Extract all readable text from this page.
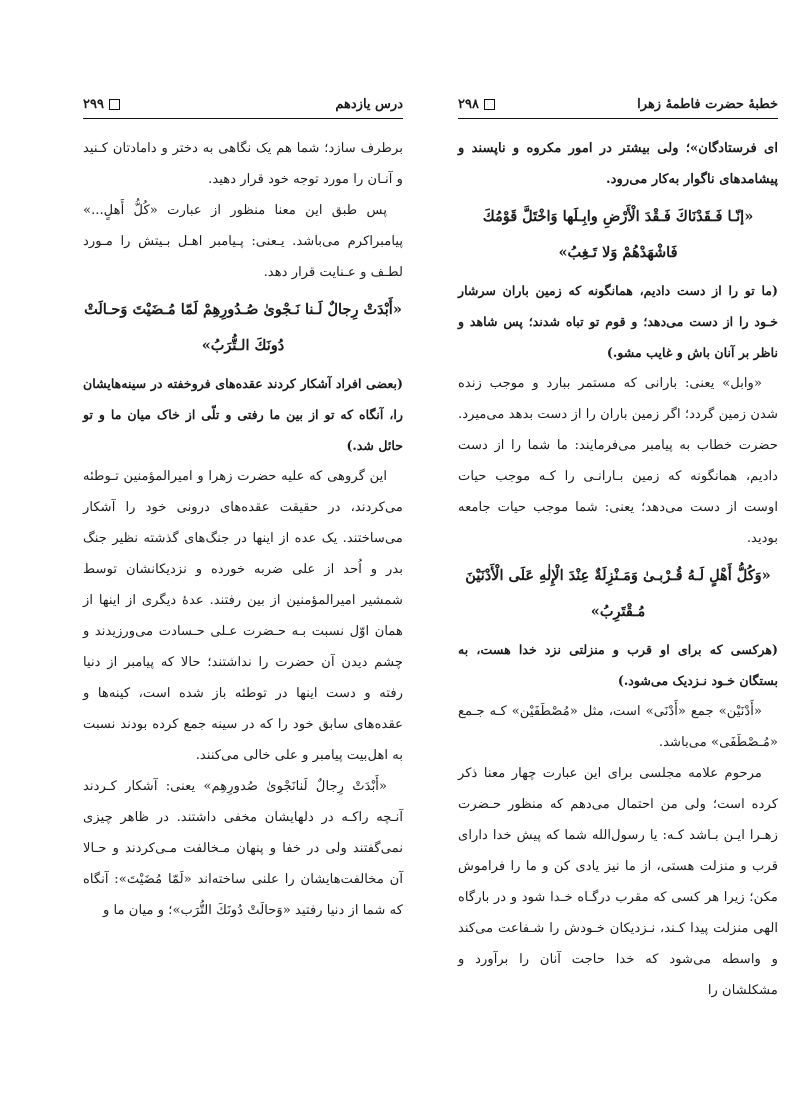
خطبهٔ حضرت فاطمهٔ زهرا
۲۹۸

ای فرستادگان»؛ ولی بیشتر در امور مکروه و ناپسند و پیشامدهای ناگوار به‌کار می‌رود.

«إنّـا فَـقَدْنَاكَ فَـقْدَ الْأَرْضِ وابِـلَها وَاخْتَلَّ قَوْمُكَ فَاشْهَدْهُمْ وَلا تَـغِبُ»

(ما تو را از دست دادیم، همانگونه که زمین باران سرشار خـود را از دست می‌دهد؛ و قوم تو تباه شدند؛ پس شاهد و ناظر بر آنان باش و غایب مشو.)

«وابل» یعنی: بارانی که مستمر ببارد و موجب زنده شدن زمین گردد؛ اگر زمین باران را از دست بدهد می‌میرد. حضرت خطاب به پیامبر می‌فرمایند: ما شما را از دست دادیم، همانگونه که زمین بـارانـی را کـه موجب حیات اوست از دست می‌دهد؛ یعنی: شما موجب حیات جامعه بودید.

«وَكُلُّ أَهْلٍ لَـهُ قُـرْبـىٰ وَمَـنْزِلَةٌ عِنْدَ الْإِلٰهِ عَلَى الْأَدْنَيْنَ مُـقْتَرِبُ»

(هرکسی که برای او قرب و منزلتی نزد خدا هست، به بستگان خـود نـزدیک می‌شود.)

«أَدْنَيْن» جمع «أَدْنَى» است، مثل «مُصْطَفَيْن» کـه جـمع «مُـصْطَفَى» می‌باشد.

مرحوم علامه مجلسی برای این عبارت چهار معنا ذکر کرده است؛ ولی من احتمال می‌دهم که منظور حـضرت زهـرا ایـن بـاشد کـه: یا رسول‌الله شما که پیش خدا دارای قرب و منزلت هستی، از ما نیز یادی کن و ما را فراموش مکن؛ زیرا هر کسی که مقرب درگـاه خـدا شود و در بارگاه الهی منزلت پیدا کـند، نـزدیکان خـودش را شـفاعت می‌کند و واسطه می‌شود که خدا حاجت آنان را برآورد و مشکلشان را

درس یازدهم
۲۹۹

برطرف سازد؛ شما هم یک نگاهی به دختر و دامادتان کـنید و آنـان را مورد توجه خود قرار دهید.

پس طبق این معنا منظور از عبارت «كُلُّ أَهلٍ...» پیامبراکرم می‌باشد. یـعنی: پـیامبر اهـل بـیتش را مـورد لطـف و عـنایت قرار دهد.

«أَبْدَتْ رِجالٌ لَـنا نَـجْوىٰ صُـدُورِهِمْ لَمّا مُـضَيْتَ وَحـالَتْ دُونَكَ الـتُّرَبُ»

(بعضی افراد آشکار کردند عقده‌های فروخفته در سینه‌هایشان را، آنگاه که تو از بین ما رفتی و تلّی از خاک میان ما و تو حائل شد.)

این گروهی که علیه حضرت زهرا و امیرالمؤمنین تـوطئه می‌کردند، در حقیقت عقده‌های درونی خود را آشکار می‌ساختند. یک عده از اینها در جنگ‌های گذشته نظیر جنگ بدر و اُحد از علی ضربه خورده و نزدیکانشان توسط شمشیر امیرالمؤمنین از بین رفتند. عدهٔ دیگری از اینها از همان اوّل نسبت بـه حـضرت عـلی حـسادت می‌ورزیدند و چشم دیدن آن حضرت را نداشتند؛ حالا که پیامبر از دنیا رفته و دست اینها در توطئه باز شده است، کینه‌ها و عقده‌های سابق خود را که در سینه جمع کرده بودند نسبت به اهل‌بیت پیامبر و علی خالی می‌کنند.

«أَبْدَتْ رِجالٌ لَنانَجْوىٰ صُدورِهِم» یعنی: آشکار کـردند آنـچه راکـه در دلهایشان مخفی داشتند. در ظاهر چیزی نمی‌گفتند ولی در خفا و پنهان مـخالفت مـی‌کردند و حـالا آن مخالفت‌هایشان را علنی ساخته‌اند «لَمّا مُضَيْتَ»: آنگاه که شما از دنیا رفتید «وَحالَتْ دُونَكَ التُّرَب»؛ و میان ما و
